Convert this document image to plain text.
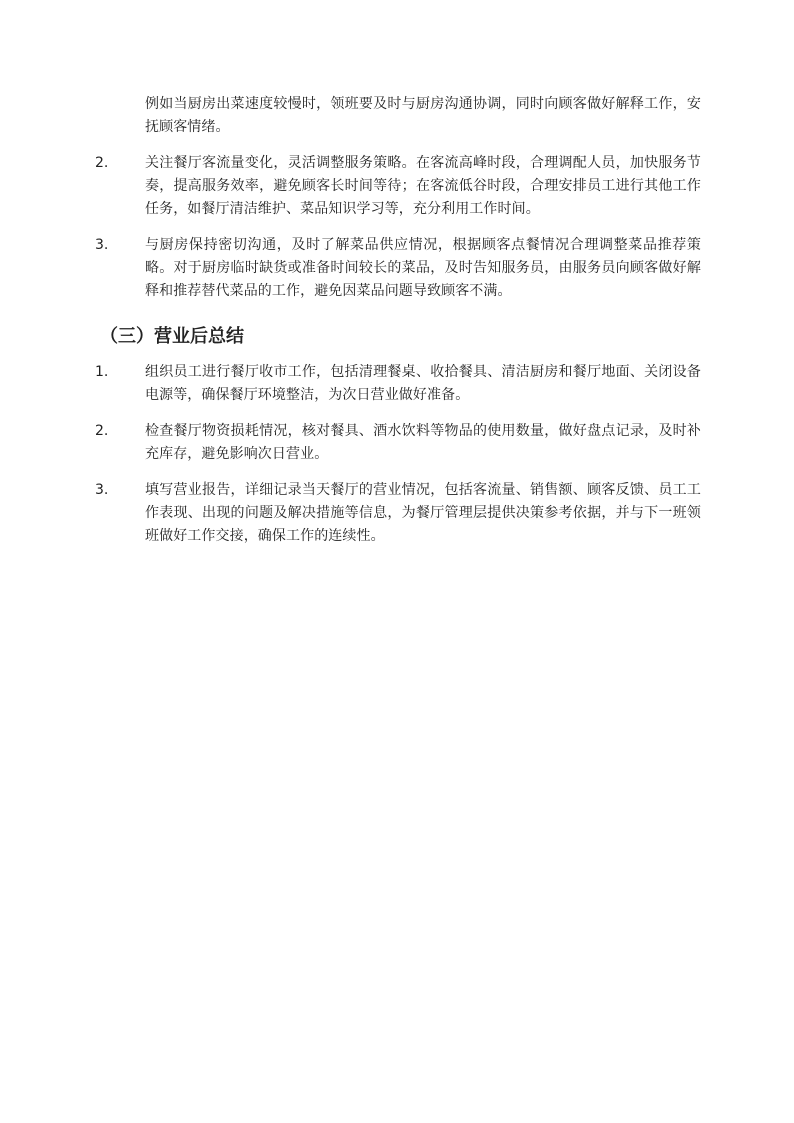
例如当厨房出菜速度较慢时，领班要及时与厨房沟通协调，同时向顾客做好解释工作，安抚顾客情绪。
2.	关注餐厅客流量变化，灵活调整服务策略。在客流高峰时段，合理调配人员，加快服务节奏，提高服务效率，避免顾客长时间等待；在客流低谷时段，合理安排员工进行其他工作任务，如餐厅清洁维护、菜品知识学习等，充分利用工作时间。
3.	与厨房保持密切沟通，及时了解菜品供应情况，根据顾客点餐情况合理调整菜品推荐策略。对于厨房临时缺货或准备时间较长的菜品，及时告知服务员，由服务员向顾客做好解释和推荐替代菜品的工作，避免因菜品问题导致顾客不满。
（三）营业后总结
1.	组织员工进行餐厅收市工作，包括清理餐桌、收拾餐具、清洁厨房和餐厅地面、关闭设备电源等，确保餐厅环境整洁，为次日营业做好准备。
2.	检查餐厅物资损耗情况，核对餐具、酒水饮料等物品的使用数量，做好盘点记录，及时补充库存，避免影响次日营业。
3.	填写营业报告，详细记录当天餐厅的营业情况，包括客流量、销售额、顾客反馈、员工工作表现、出现的问题及解决措施等信息，为餐厅管理层提供决策参考依据，并与下一班领班做好工作交接，确保工作的连续性。
